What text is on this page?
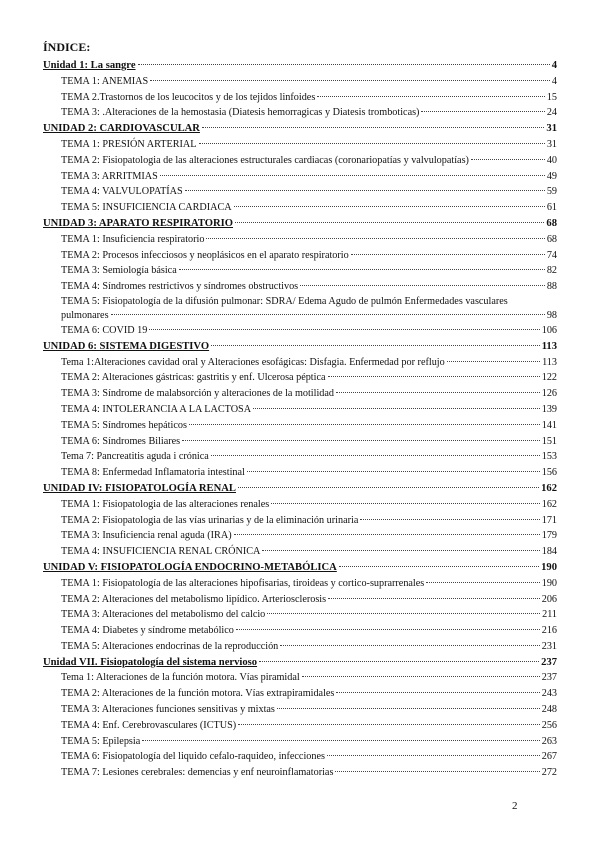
ÍNDICE:
Unidad 1: La sangre	4
TEMA 1: ANEMIAS	4
TEMA 2.Trastornos de los leucocitos y de los tejidos linfoides	15
TEMA 3: .Alteraciones de la hemostasia (Diatesis hemorragicas y Diatesis tromboticas)	24
UNIDAD 2: CARDIOVASCULAR	31
TEMA 1: PRESIÓN ARTERIAL	31
TEMA 2: Fisiopatologia de las alteraciones estructurales cardiacas (coronariopatías y valvulopatías)	40
TEMA 3: ARRITMIAS	49
TEMA 4: VALVULOPATÍAS	59
TEMA 5: INSUFICIENCIA CARDIACA	61
UNIDAD 3: APARATO RESPIRATORIO	68
TEMA 1: Insuficiencia respiratorio	68
TEMA 2: Procesos infecciosos y neoplásicos en el aparato respiratorio	74
TEMA 3: Semiología básica	82
TEMA 4: Síndromes restrictivos y síndromes obstructivos	88
TEMA 5: Fisiopatología de la difusión pulmonar: SDRA/ Edema Agudo de pulmón Enfermedades vasculares
pulmonares	98
TEMA 6: COVID 19	106
UNIDAD 6: SISTEMA DIGESTIVO	113
Tema 1:Alteraciones cavidad oral y Alteraciones esofágicas: Disfagia. Enfermedad por reflujo	113
TEMA 2: Alteraciones gástricas: gastritis y enf. Ulcerosa péptica	122
TEMA 3: Síndrome de malabsorción y alteraciones de la motilidad	126
TEMA 4: INTOLERANCIA A LA LACTOSA	139
TEMA 5: Síndromes hepáticos	141
TEMA 6: Síndromes Biliares	151
Tema 7: Pancreatitis aguda i crónica	153
TEMA 8: Enfermedad Inflamatoria intestinal	156
UNIDAD IV: FISIOPATOLOGÍA RENAL	162
TEMA 1: Fisiopatologia de las alteraciones renales	162
TEMA 2: Fisiopatologia de las vías urinarias y de la eliminación urinaria	171
TEMA 3: Insuficiencia renal aguda (IRA)	179
TEMA 4: INSUFICIENCIA RENAL CRÓNICA	184
UNIDAD V: FISIOPATOLOGÍA ENDOCRINO-METABÓLICA	190
TEMA 1: Fisiopatología de las alteraciones hipofisarias, tiroideas y cortico-suprarrenales	190
TEMA 2: Alteraciones del metabolismo lipídico. Arteriosclerosis	206
TEMA 3: Alteraciones del metabolismo del calcio	211
TEMA 4: Diabetes y síndrome metabólico	216
TEMA 5: Alteraciones endocrinas de la reproducción	231
Unidad VII. Fisiopatología del sistema nervioso	237
Tema 1: Alteraciones de la función motora. Vías piramidal	237
TEMA 2: Alteraciones de la función motora. Vías extrapiramidales	243
TEMA 3: Alteraciones funciones sensitivas y mixtas	248
TEMA 4: Enf. Cerebrovasculares (ICTUS)	256
TEMA 5: Epilepsia	263
TEMA 6: Fisiopatología del liquido cefalo-raquideo, infecciones	267
TEMA 7: Lesiones cerebrales: demencias y enf neuroinflamatorias	272
2
